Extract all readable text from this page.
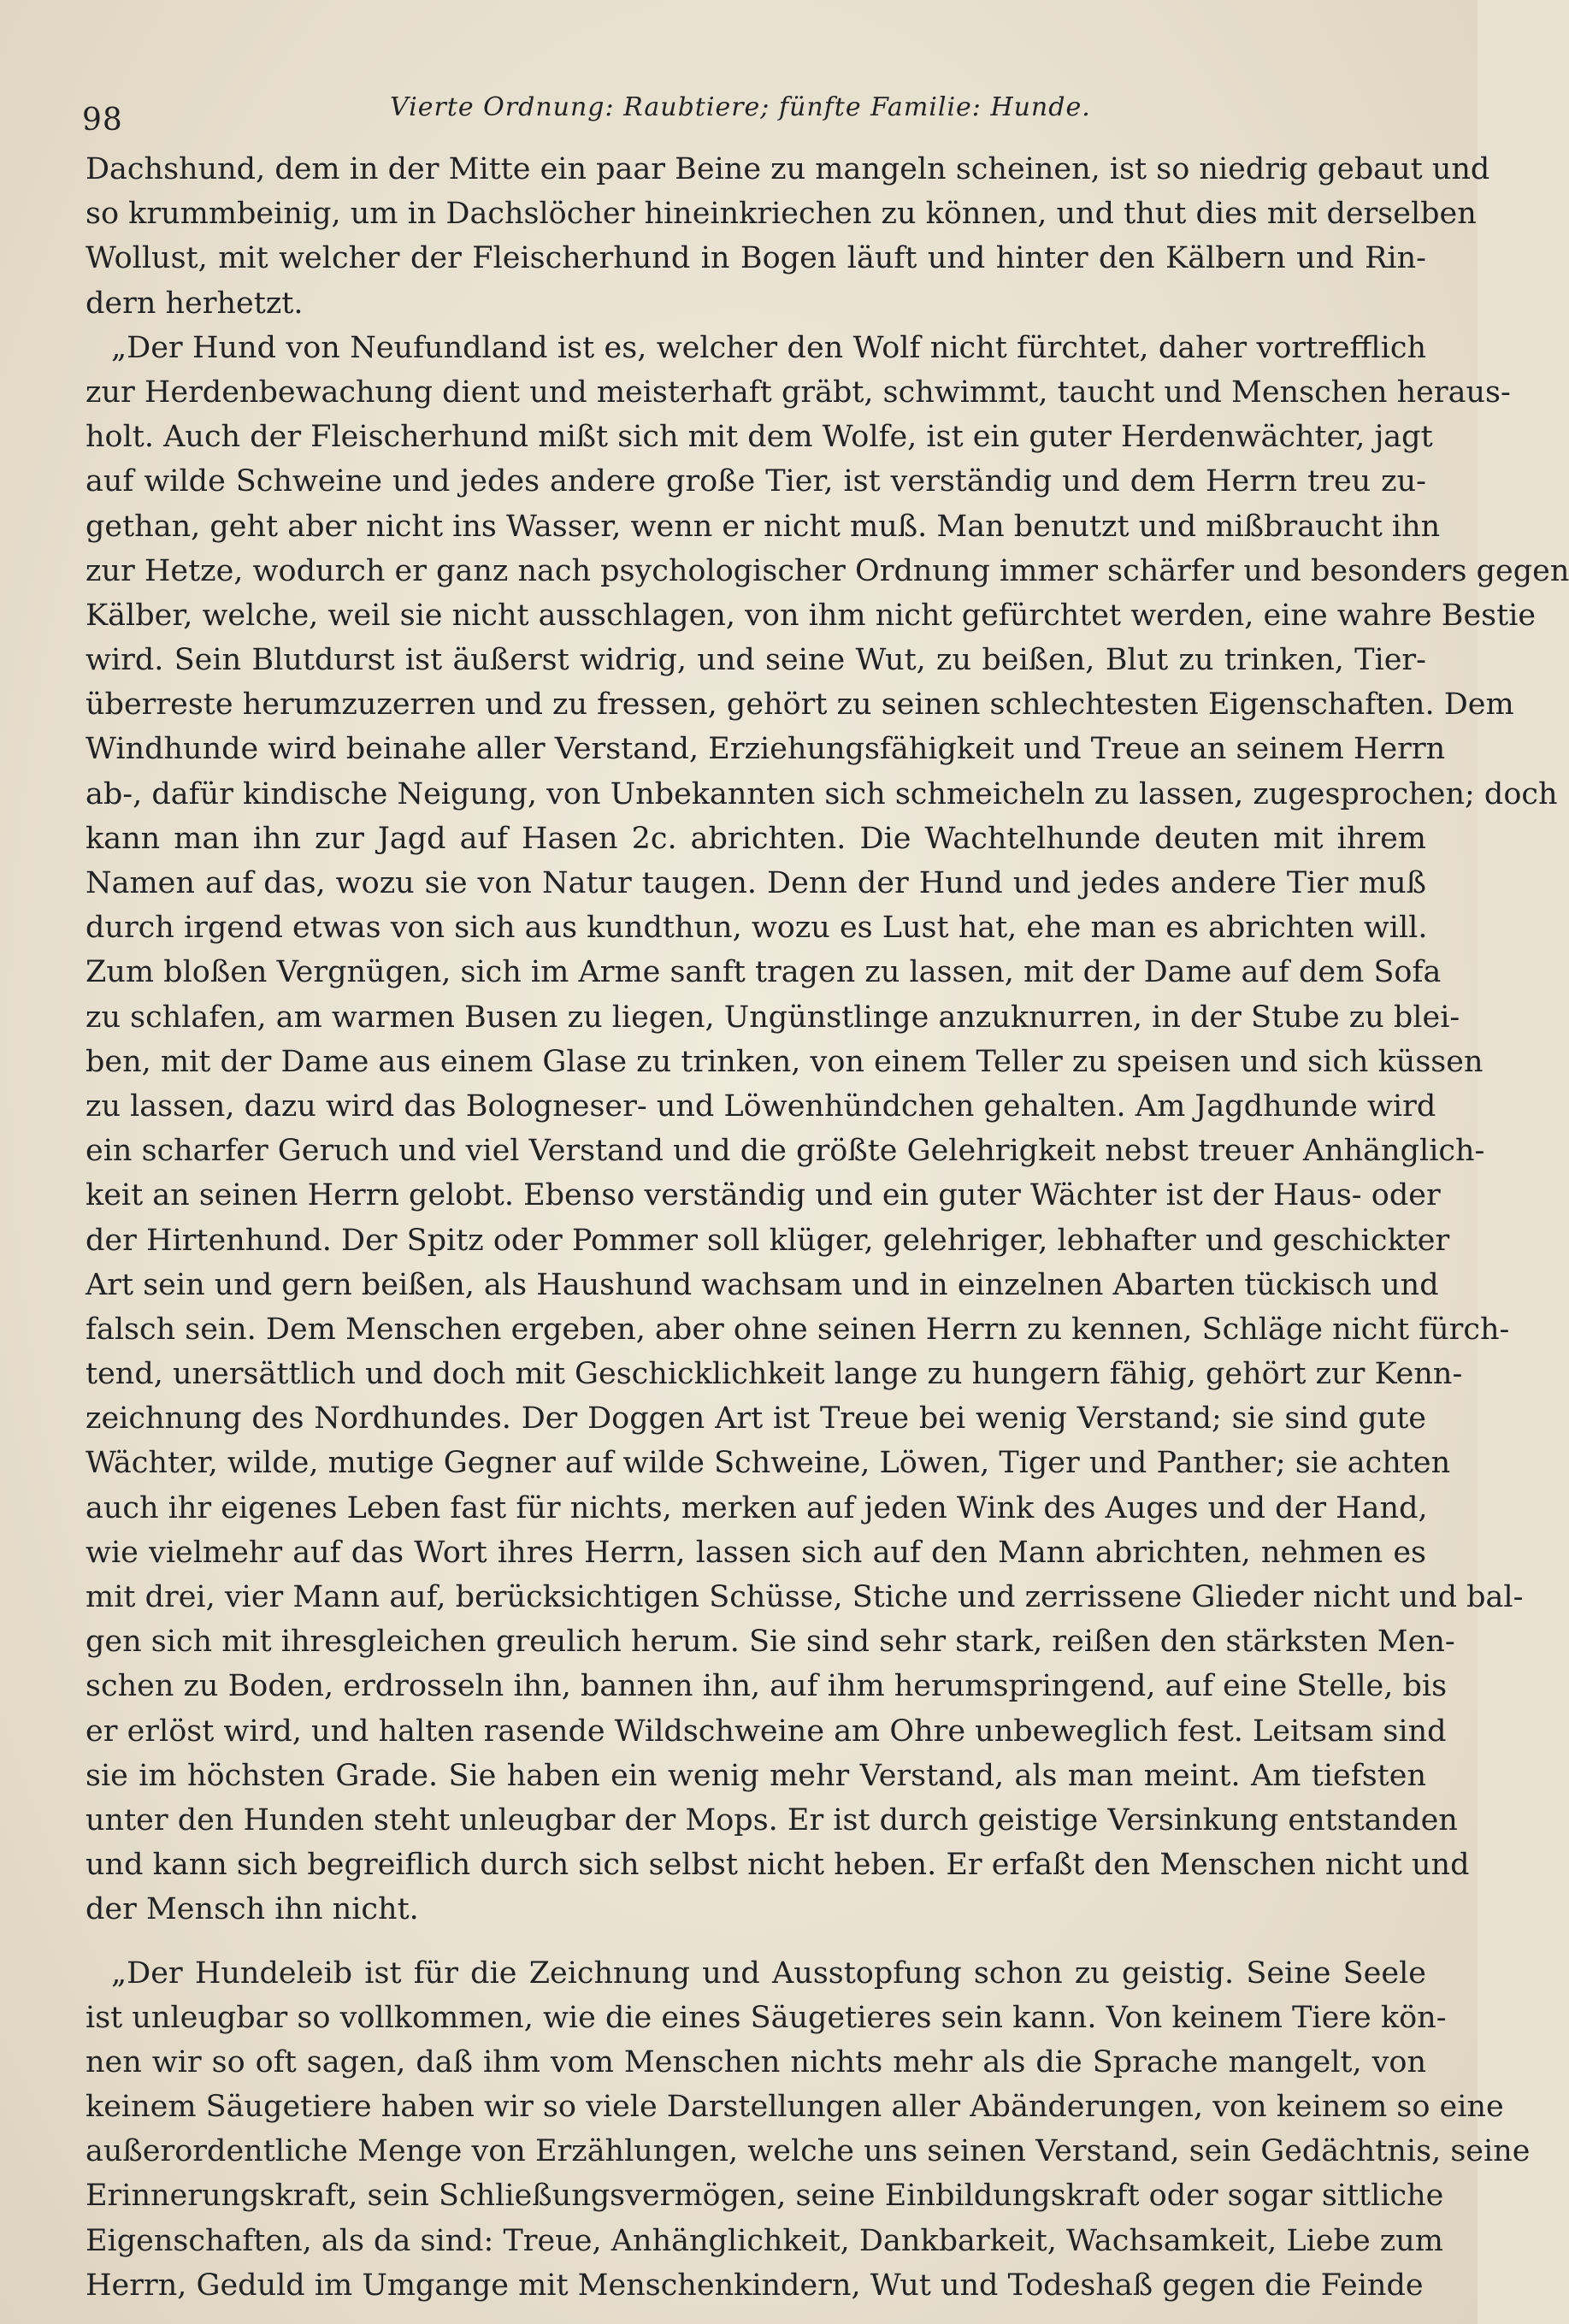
98	Vierte Ordnung: Raubtiere; fünfte Familie: Hunde.
Dachshund, dem in der Mitte ein paar Beine zu mangeln scheinen, ist so niedrig gebaut und
so krummbeinig, um in Dachslöcher hineinkriechen zu können, und thut dies mit derselben
Wollust, mit welcher der Fleischerhund in Bogen läuft und hinter den Kälbern und Rin-
dern herhetzt.
„Der Hund von Neufundland ist es, welcher den Wolf nicht fürchtet, daher vortrefflich
zur Herdenbewachung dient und meisterhaft gräbt, schwimmt, taucht und Menschen heraus-
holt. Auch der Fleischerhund mißt sich mit dem Wolfe, ist ein guter Herdenwächter, jagt
auf wilde Schweine und jedes andere große Tier, ist verständig und dem Herrn treu zu-
gethan, geht aber nicht ins Wasser, wenn er nicht muß. Man benutzt und mißbraucht ihn
zur Hetze, wodurch er ganz nach psychologischer Ordnung immer schärfer und besonders gegen
Kälber, welche, weil sie nicht ausschlagen, von ihm nicht gefürchtet werden, eine wahre Bestie
wird. Sein Blutdurst ist äußerst widrig, und seine Wut, zu beißen, Blut zu trinken, Tier-
überreste herumzuzerren und zu fressen, gehört zu seinen schlechtesten Eigenschaften. Dem
Windhunde wird beinahe aller Verstand, Erziehungsfähigkeit und Treue an seinem Herrn
ab-, dafür kindische Neigung, von Unbekannten sich schmeicheln zu lassen, zugesprochen; doch
kann man ihn zur Jagd auf Hasen 2c. abrichten. Die Wachtelhunde deuten mit ihrem
Namen auf das, wozu sie von Natur taugen. Denn der Hund und jedes andere Tier muß
durch irgend etwas von sich aus kundthun, wozu es Lust hat, ehe man es abrichten will.
Zum bloßen Vergnügen, sich im Arme sanft tragen zu lassen, mit der Dame auf dem Sofa
zu schlafen, am warmen Busen zu liegen, Ungünstlinge anzuknurren, in der Stube zu blei-
ben, mit der Dame aus einem Glase zu trinken, von einem Teller zu speisen und sich küssen
zu lassen, dazu wird das Bologneser- und Löwenhündchen gehalten. Am Jagdhunde wird
ein scharfer Geruch und viel Verstand und die größte Gelehrigkeit nebst treuer Anhänglich-
keit an seinen Herrn gelobt. Ebenso verständig und ein guter Wächter ist der Haus- oder
der Hirtenhund. Der Spitz oder Pommer soll klüger, gelehriger, lebhafter und geschickter
Art sein und gern beißen, als Haushund wachsam und in einzelnen Abarten tückisch und
falsch sein. Dem Menschen ergeben, aber ohne seinen Herrn zu kennen, Schläge nicht fürch-
tend, unersättlich und doch mit Geschicklichkeit lange zu hungern fähig, gehört zur Kenn-
zeichnung des Nordhundes. Der Doggen Art ist Treue bei wenig Verstand; sie sind gute
Wächter, wilde, mutige Gegner auf wilde Schweine, Löwen, Tiger und Panther; sie achten
auch ihr eigenes Leben fast für nichts, merken auf jeden Wink des Auges und der Hand,
wie vielmehr auf das Wort ihres Herrn, lassen sich auf den Mann abrichten, nehmen es
mit drei, vier Mann auf, berücksichtigen Schüsse, Stiche und zerrissene Glieder nicht und bal-
gen sich mit ihresgleichen greulich herum. Sie sind sehr stark, reißen den stärksten Men-
schen zu Boden, erdrosseln ihn, bannen ihn, auf ihm herumspringend, auf eine Stelle, bis
er erlöst wird, und halten rasende Wildschweine am Ohre unbeweglich fest. Leitsam sind
sie im höchsten Grade. Sie haben ein wenig mehr Verstand, als man meint. Am tiefsten
unter den Hunden steht unleugbar der Mops. Er ist durch geistige Versinkung entstanden
und kann sich begreiflich durch sich selbst nicht heben. Er erfaßt den Menschen nicht und
der Mensch ihn nicht.
„Der Hundeleib ist für die Zeichnung und Ausstopfung schon zu geistig. Seine Seele
ist unleugbar so vollkommen, wie die eines Säugetieres sein kann. Von keinem Tiere kön-
nen wir so oft sagen, daß ihm vom Menschen nichts mehr als die Sprache mangelt, von
keinem Säugetiere haben wir so viele Darstellungen aller Abänderungen, von keinem so eine
außerordentliche Menge von Erzählungen, welche uns seinen Verstand, sein Gedächtnis, seine
Erinnerungskraft, sein Schließungsvermögen, seine Einbildungskraft oder sogar sittliche
Eigenschaften, als da sind: Treue, Anhänglichkeit, Dankbarkeit, Wachsamkeit, Liebe zum
Herrn, Geduld im Umgange mit Menschenkindern, Wut und Todeshaß gegen die Feinde
